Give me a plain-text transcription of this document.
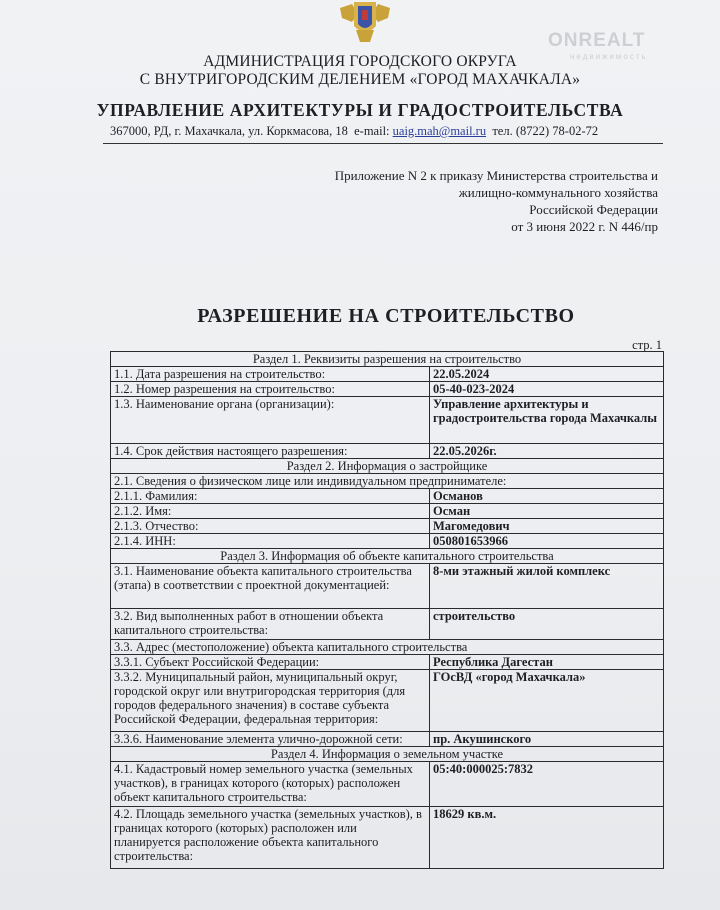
ONREALT
недвижимость
АДМИНИСТРАЦИЯ ГОРОДСКОГО ОКРУГА
С ВНУТРИГОРОДСКИМ ДЕЛЕНИЕМ «ГОРОД МАХАЧКАЛА»
УПРАВЛЕНИЕ АРХИТЕКТУРЫ И ГРАДОСТРОИТЕЛЬСТВА
367000, РД, г. Махачкала, ул. Коркмасова, 18 e-mail: uaig.mah@mail.ru тел. (8722) 78-02-72
Приложение N 2 к приказу Министерства строительства и
жилищно-коммунального хозяйства
Российской Федерации
от 3 июня 2022 г. N 446/пр
РАЗРЕШЕНИЕ НА СТРОИТЕЛЬСТВО
стр. 1
Раздел 1. Реквизиты разрешения на строительство	
1.1. Дата разрешения на строительство:	22.05.2024
1.2. Номер разрешения на строительство:	05-40-023-2024
1.3. Наименование органа (организации):	Управление архитектуры и градостроительства города Махачкалы
1.4. Срок действия настоящего разрешения:	22.05.2026г.
Раздел 2. Информация о застройщике	
2.1. Сведения о физическом лице или индивидуальном предпринимателе:	
2.1.1. Фамилия:	Османов
2.1.2. Имя:	Осман
2.1.3. Отчество:	Магомедович
2.1.4. ИНН:	050801653966
Раздел 3. Информация об объекте капитального строительства	
3.1. Наименование объекта капитального строительства (этапа) в соответствии с проектной документацией:	8-ми этажный жилой комплекс
3.2. Вид выполненных работ в отношении объекта капитального строительства:	строительство
3.3. Адрес (местоположение) объекта капитального строительства	
3.3.1. Субъект Российской Федерации:	Республика Дагестан
3.3.2. Муниципальный район, муниципальный округ, городской округ или внутригородская территория (для городов федерального значения) в составе субъекта Российской Федерации, федеральная территория:	ГОсВД «город Махачкала»
3.3.6. Наименование элемента улично-дорожной сети:	пр. Акушинского
Раздел 4. Информация о земельном участке	
4.1. Кадастровый номер земельного участка (земельных участков), в границах которого (которых) расположен объект капитального строительства:	05:40:000025:7832
4.2. Площадь земельного участка (земельных участков), в границах которого (которых) расположен или планируется расположение объекта капитального строительства:	18629 кв.м.
